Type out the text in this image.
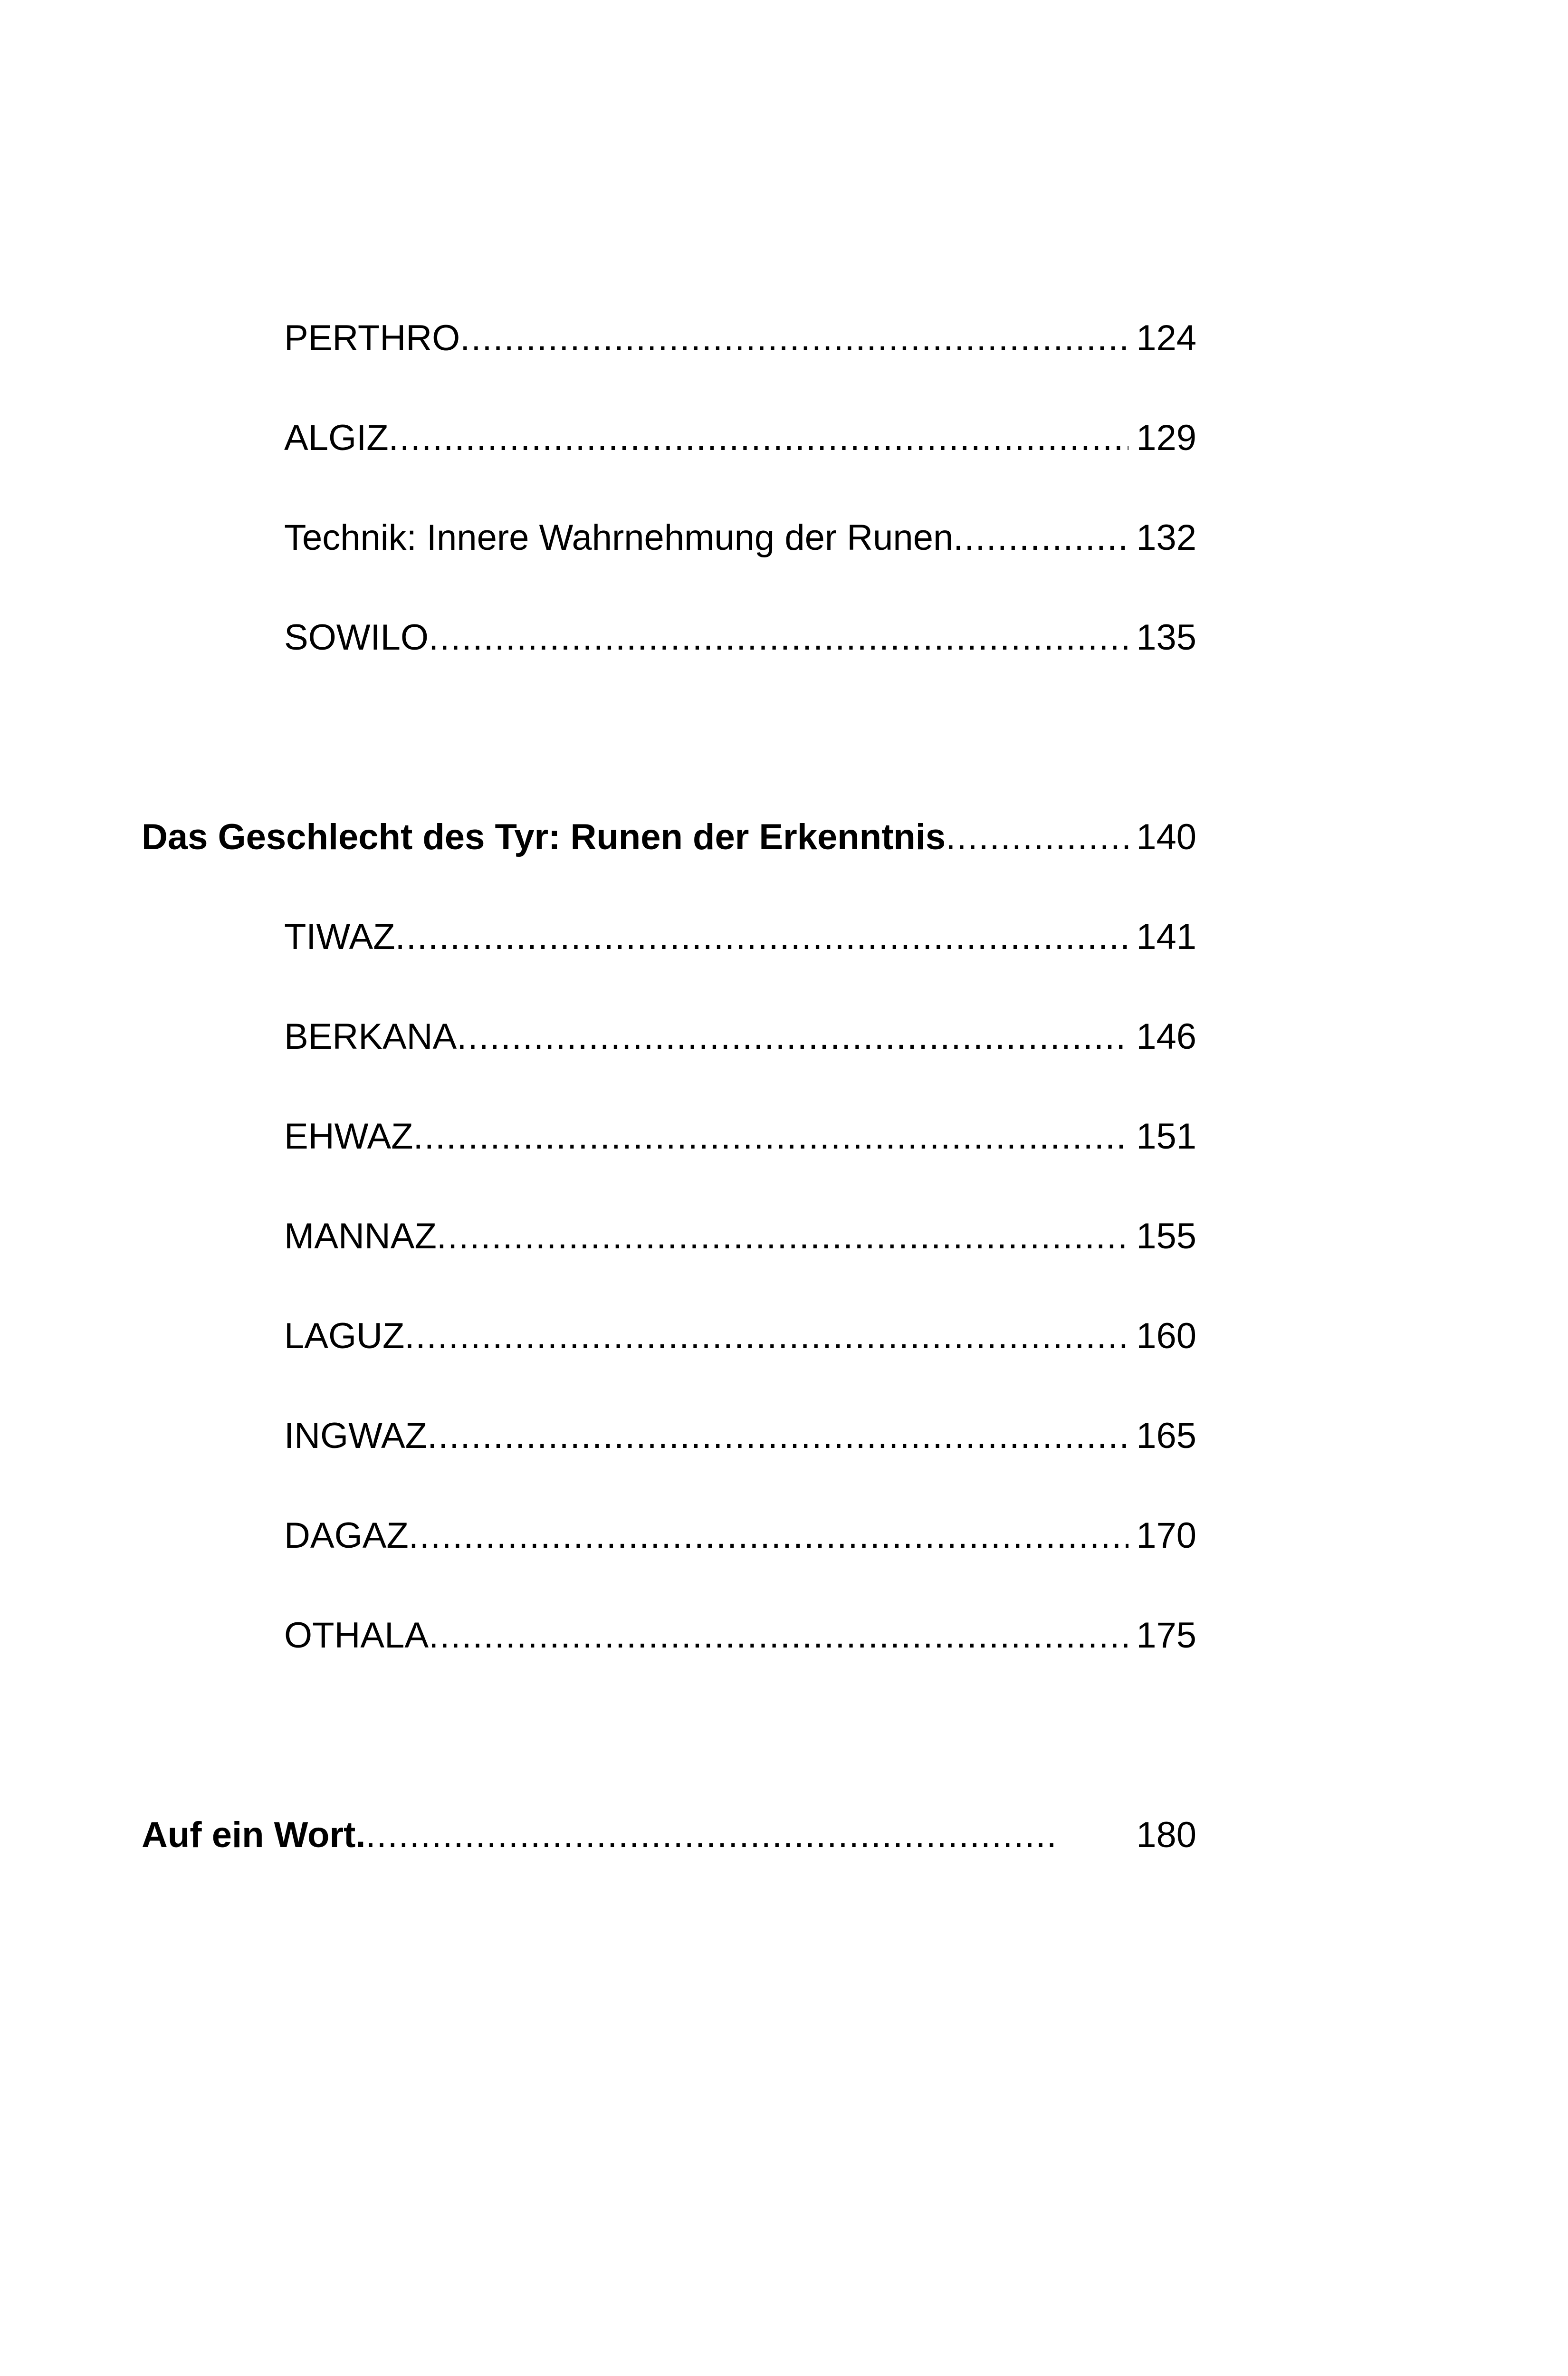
PERTHRO .....	124
ALGIZ .....	129
Technik: Innere Wahrnehmung der Runen .....	132
SOWILO .....	135
Das Geschlecht des Tyr: Runen der Erkenntnis .....	140
TIWAZ .....	141
BERKANA .....	146
EHWAZ .....	151
MANNAZ .....	155
LAGUZ .....	160
INGWAZ .....	165
DAGAZ .....	170
OTHALA .....	175
Auf ein Wort. .....	180
